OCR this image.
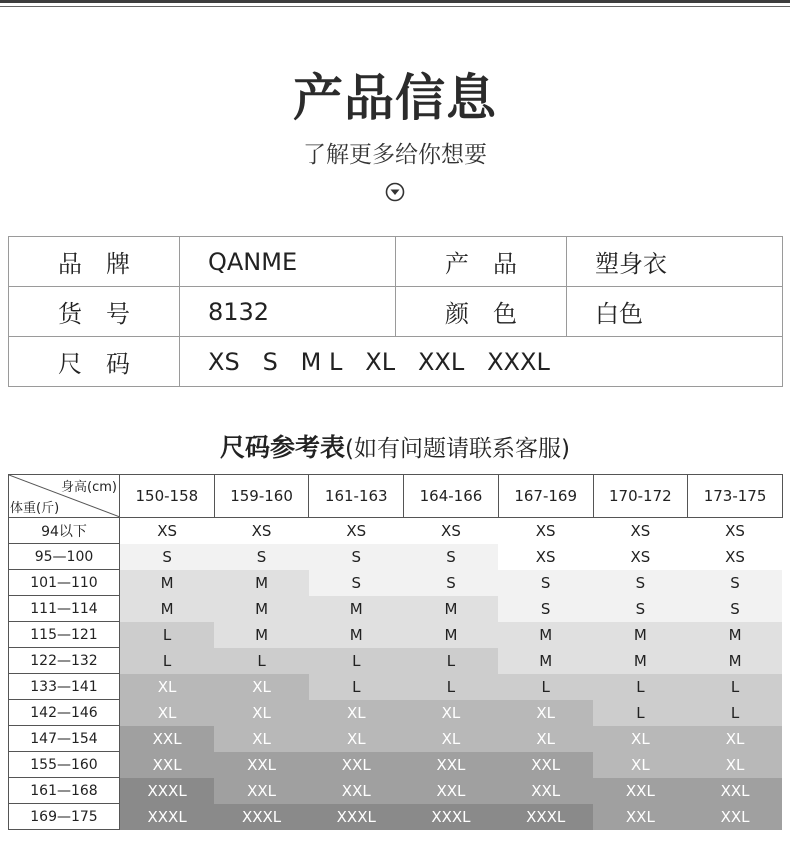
产品信息
了解更多给你想要
品　牌	QANME	产　品	塑身衣
货　号	8132	颜　色	白色
尺　码	XS   S   M L   XL   XXL   XXXL		
尺码参考表(如有问题请联系客服)
身高(cm)
体重(斤)	150-158	159-160	161-163	164-166	167-169	170-172	173-175
94以下	XS	XS	XS	XS	XS	XS	XS
95—100	S	S	S	S	XS	XS	XS
101—110	M	M	S	S	S	S	S
111—114	M	M	M	M	S	S	S
115—121	L	M	M	M	M	M	M
122—132	L	L	L	L	M	M	M
133—141	XL	XL	L	L	L	L	L
142—146	XL	XL	XL	XL	XL	L	L
147—154	XXL	XL	XL	XL	XL	XL	XL
155—160	XXL	XXL	XXL	XXL	XXL	XL	XL
161—168	XXXL	XXL	XXL	XXL	XXL	XXL	XXL
169—175	XXXL	XXXL	XXXL	XXXL	XXXL	XXL	XXL
